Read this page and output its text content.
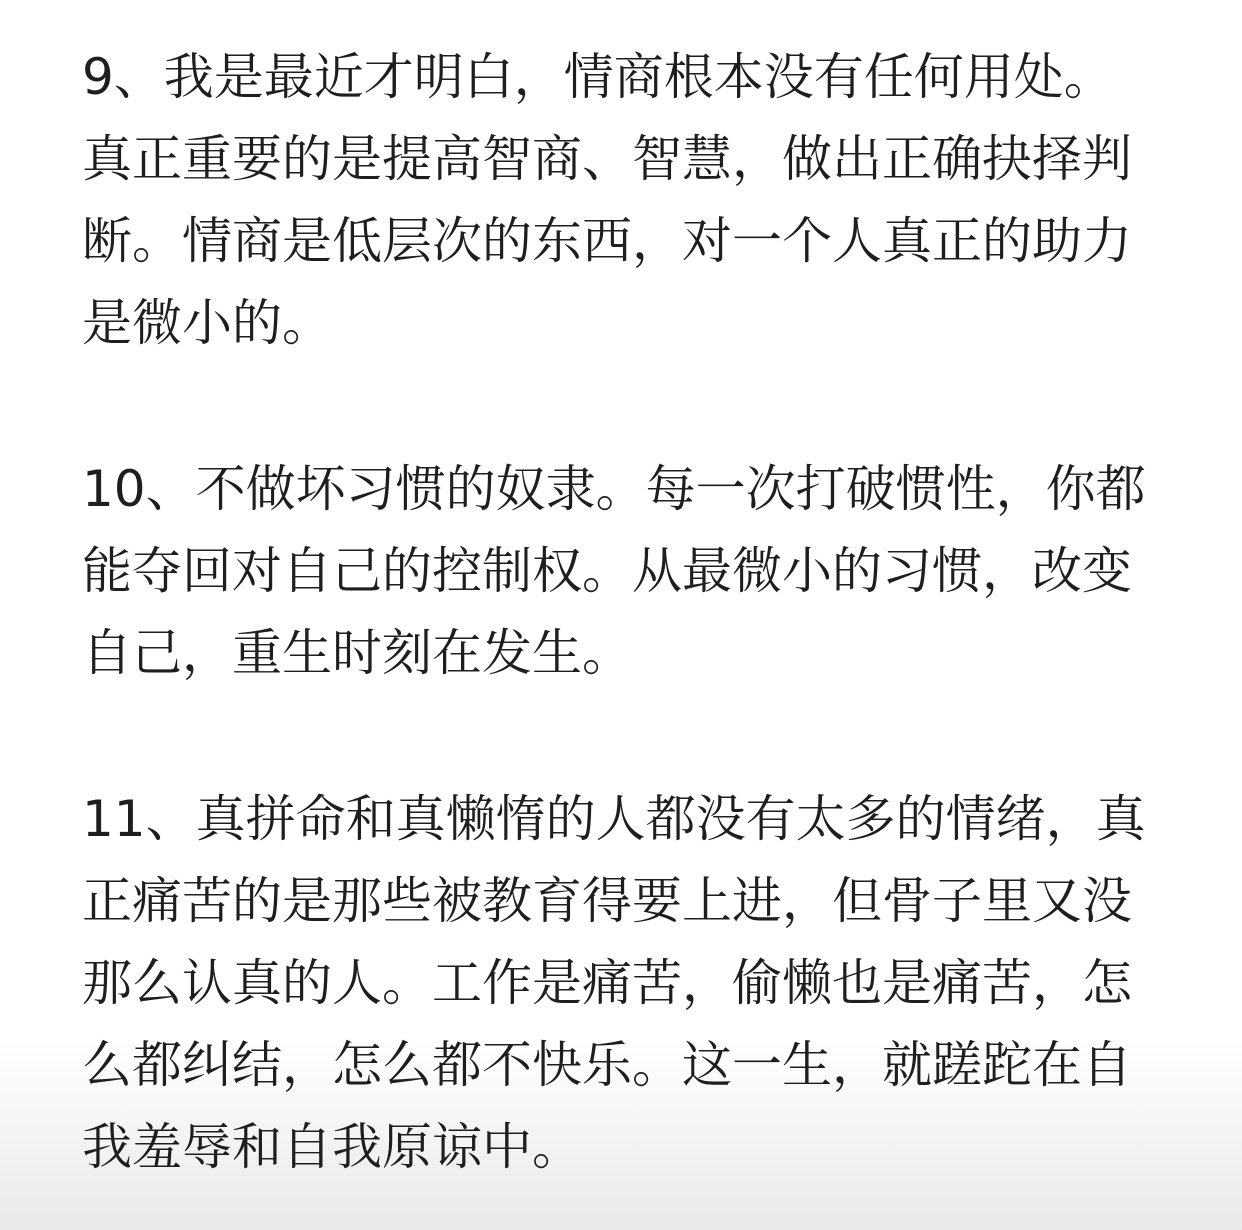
9、我是最近才明白，情商根本没有任何用处。真正重要的是提高智商、智慧，做出正确抉择判断。情商是低层次的东西，对一个人真正的助力是微小的。

10、不做坏习惯的奴隶。每一次打破惯性，你都能夺回对自己的控制权。从最微小的习惯，改变自己，重生时刻在发生。

11、真拼命和真懒惰的人都没有太多的情绪，真正痛苦的是那些被教育得要上进，但骨子里又没那么认真的人。工作是痛苦，偷懒也是痛苦，怎么都纠结，怎么都不快乐。这一生，就蹉跎在自我羞辱和自我原谅中。
